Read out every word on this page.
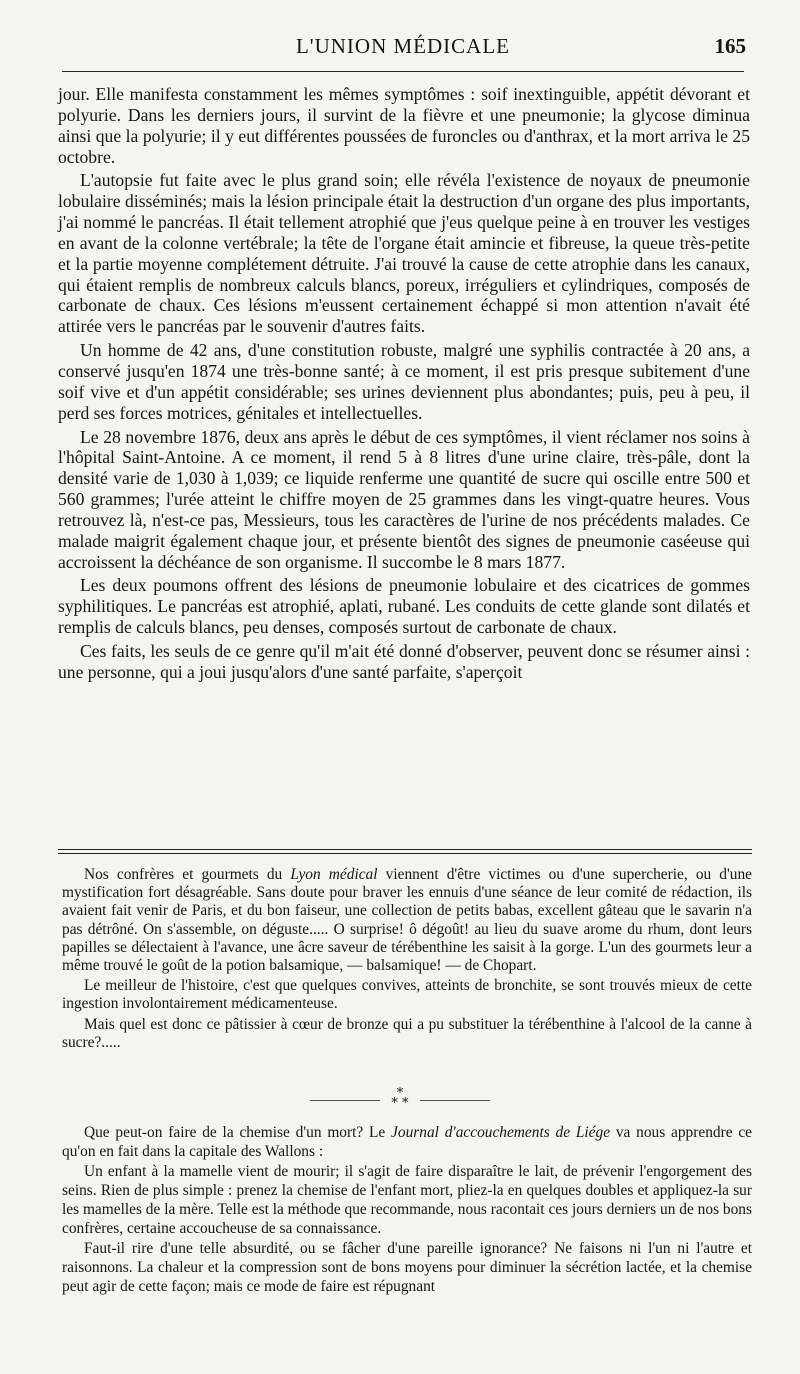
L'UNION MÉDICALE	165

jour. Elle manifesta constamment les mêmes symptômes : soif inextinguible, appétit dévorant et polyurie. Dans les derniers jours, il survint de la fièvre et une pneumonie; la glycose diminua ainsi que la polyurie; il y eut différentes poussées de furoncles ou d'anthrax, et la mort arriva le 25 octobre.

L'autopsie fut faite avec le plus grand soin; elle révéla l'existence de noyaux de pneumonie lobulaire disséminés; mais la lésion principale était la destruction d'un organe des plus importants, j'ai nommé le pancréas. Il était tellement atrophié que j'eus quelque peine à en trouver les vestiges en avant de la colonne vertébrale; la tête de l'organe était amincie et fibreuse, la queue très-petite et la partie moyenne complétement détruite. J'ai trouvé la cause de cette atrophie dans les canaux, qui étaient remplis de nombreux calculs blancs, poreux, irréguliers et cylindriques, composés de carbonate de chaux. Ces lésions m'eussent certainement échappé si mon attention n'avait été attirée vers le pancréas par le souvenir d'autres faits.

Un homme de 42 ans, d'une constitution robuste, malgré une syphilis contractée à 20 ans, a conservé jusqu'en 1874 une très-bonne santé; à ce moment, il est pris presque subitement d'une soif vive et d'un appétit considérable; ses urines deviennent plus abondantes; puis, peu à peu, il perd ses forces motrices, génitales et intellectuelles.

Le 28 novembre 1876, deux ans après le début de ces symptômes, il vient réclamer nos soins à l'hôpital Saint-Antoine. A ce moment, il rend 5 à 8 litres d'une urine claire, très-pâle, dont la densité varie de 1,030 à 1,039; ce liquide renferme une quantité de sucre qui oscille entre 500 et 560 grammes; l'urée atteint le chiffre moyen de 25 grammes dans les vingt-quatre heures. Vous retrouvez là, n'est-ce pas, Messieurs, tous les caractères de l'urine de nos précédents malades. Ce malade maigrit également chaque jour, et présente bientôt des signes de pneumonie caséeuse qui accroissent la déchéance de son organisme. Il succombe le 8 mars 1877.

Les deux poumons offrent des lésions de pneumonie lobulaire et des cicatrices de gommes syphilitiques. Le pancréas est atrophié, aplati, rubané. Les conduits de cette glande sont dilatés et remplis de calculs blancs, peu denses, composés surtout de carbonate de chaux.

Ces faits, les seuls de ce genre qu'il m'ait été donné d'observer, peuvent donc se résumer ainsi : une personne, qui a joui jusqu'alors d'une santé parfaite, s'aperçoit

Nos confrères et gourmets du Lyon médical viennent d'être victimes ou d'une supercherie, ou d'une mystification fort désagréable. Sans doute pour braver les ennuis d'une séance de leur comité de rédaction, ils avaient fait venir de Paris, et du bon faiseur, une collection de petits babas, excellent gâteau que le savarin n'a pas détrôné. On s'assemble, on déguste..... O surprise! ô dégoût! au lieu du suave arome du rhum, dont leurs papilles se délectaient à l'avance, une âcre saveur de térébenthine les saisit à la gorge. L'un des gourmets leur a même trouvé le goût de la potion balsamique, — balsamique! — de Chopart.

Le meilleur de l'histoire, c'est que quelques convives, atteints de bronchite, se sont trouvés mieux de cette ingestion involontairement médicamenteuse.

Mais quel est donc ce pâtissier à cœur de bronze qui a pu substituer la térébenthine à l'alcool de la canne à sucre?.....

*
* *

Que peut-on faire de la chemise d'un mort? Le Journal d'accouchements de Liége va nous apprendre ce qu'on en fait dans la capitale des Wallons :

Un enfant à la mamelle vient de mourir; il s'agit de faire disparaître le lait, de prévenir l'engorgement des seins. Rien de plus simple : prenez la chemise de l'enfant mort, pliez-la en quelques doubles et appliquez-la sur les mamelles de la mère. Telle est la méthode que recommande, nous racontait ces jours derniers un de nos bons confrères, certaine accoucheuse de sa connaissance.

Faut-il rire d'une telle absurdité, ou se fâcher d'une pareille ignorance? Ne faisons ni l'un ni l'autre et raisonnons. La chaleur et la compression sont de bons moyens pour diminuer la sécrétion lactée, et la chemise peut agir de cette façon; mais ce mode de faire est répugnant
